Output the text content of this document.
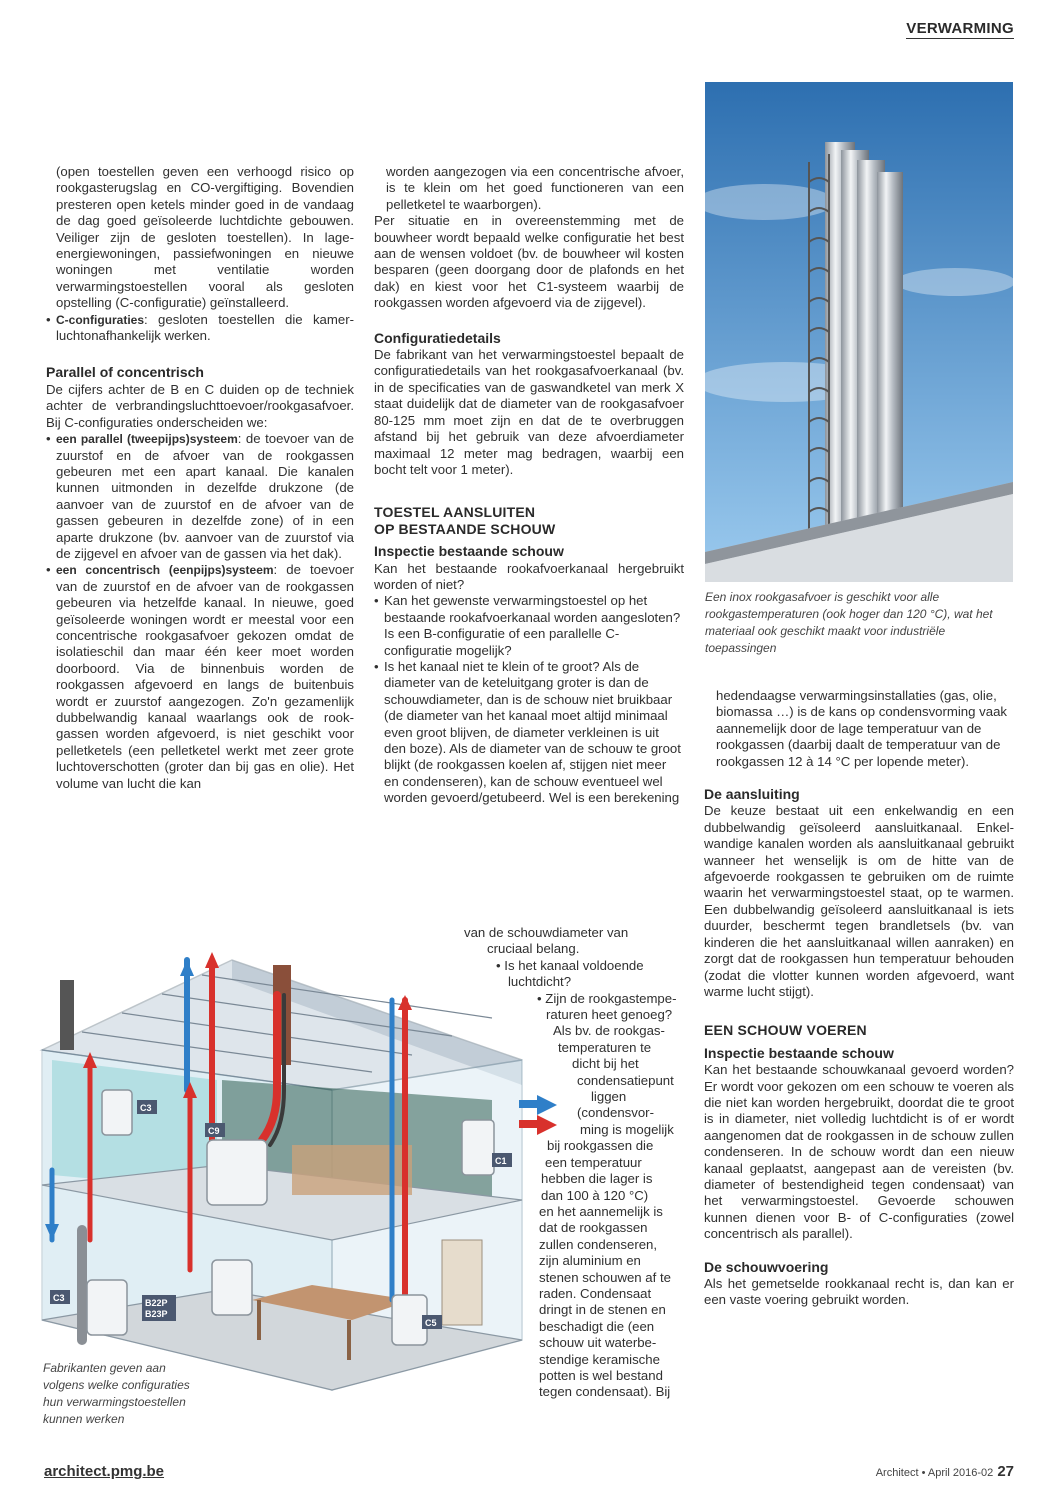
VERWARMING

(open toestellen geven een verhoogd risico op rookgasterugslag en CO-vergiftiging. Bovendien presteren open ketels minder goed in de vandaag de dag goed geïsoleerde luchtdichte gebouwen. Veiliger zijn de gesloten toestellen). In lage-energiewoningen, passiefwoningen en nieuwe woningen met ventilatie worden verwarmingstoestellen vooral als gesloten opstelling (C-configuratie) geïnstalleerd.

• C-configuraties: gesloten toestellen die kamerluchtonafhankelijk werken.

Parallel of concentrisch

De cijfers achter de B en C duiden op de techniek achter de verbrandingsluchttoevoer/rookgasafvoer. Bij C-configuraties onderscheiden we:

• een parallel (tweepijps)systeem: de toevoer van de zuurstof en de afvoer van de rookgassen gebeuren met een apart kanaal. Die kanalen kunnen uitmonden in dezelfde drukzone (de aanvoer van de zuurstof en de afvoer van de gassen gebeuren in dezelfde zone) of in een aparte drukzone (bv. aanvoer van de zuurstof via de zijgevel en afvoer van de gassen via het dak).

• een concentrisch (eenpijps)systeem: de toevoer van de zuurstof en de afvoer van de rookgassen gebeuren via hetzelfde kanaal. In nieuwe, goed geïsoleerde woningen wordt er meestal voor een concentrische rookgasafvoer gekozen omdat de isolatieschil dan maar één keer moet worden doorboord. Via de binnenbuis worden de rookgassen afgevoerd en langs de buitenbuis wordt er zuurstof aangezogen. Zo'n gezamenlijk dubbelwandig kanaal waarlangs ook de rookgassen worden afgevoerd, is niet geschikt voor pelletketels (een pelletketel werkt met zeer grote luchtoverschotten (groter dan bij gas en olie). Het volume van lucht die kan

worden aangezogen via een concentrische afvoer, is te klein om het goed functioneren van een pelletketel te waarborgen).

Per situatie en in overeenstemming met de bouwheer wordt bepaald welke configuratie het best aan de wensen voldoet (bv. de bouwheer wil kosten besparen (geen doorgang door de plafonds en het dak) en kiest voor het C1-systeem waarbij de rookgassen worden afgevoerd via de zijgevel).

Configuratiedetails

De fabrikant van het verwarmingstoestel bepaalt de configuratiedetails van het rookgasafvoerkanaal (bv. in de specificaties van de gaswandketel van merk X staat duidelijk dat de diameter van de rookgasafvoer 80-125 mm moet zijn en dat de te overbruggen afstand bij het gebruik van deze afvoerdiameter maximaal 12 meter mag bedragen, waarbij een bocht telt voor 1 meter).

TOESTEL AANSLUITEN
OP BESTAANDE SCHOUW
Inspectie bestaande schouw

Kan het bestaande rookafvoerkanaal hergebruikt worden of niet?

• Kan het gewenste verwarmingstoestel op het bestaande rookafvoerkanaal worden aangesloten? Is een B-configuratie of een parallelle C-configuratie mogelijk?

• Is het kanaal niet te klein of te groot? Als de diameter van de keteluitgang groter is dan de schouwdiameter, dan is de schouw niet bruikbaar (de diameter van het kanaal moet altijd minimaal even groot blijven, de diameter verkleinen is uit den boze). Als de diameter van de schouw te groot blijkt (de rookgassen koelen af, stijgen niet meer en condenseren), kan de schouw eventueel wel worden gevoerd/getubeerd. Wel is een berekening

van de schouwdiameter van

cruciaal belang.

• Is het kanaal voldoende

luchtdicht?

• Zijn de rookgastempe-

raturen heet genoeg?

Als bv. de rookgas-

temperaturen te

dicht bij het

condensatiepunt

liggen

(condensvor-

ming is mogelijk

bij rookgassen die

een temperatuur

hebben die lager is

dan 100 à 120 °C)

en het aannemelijk is

dat de rookgassen

zullen condenseren,

zijn aluminium en

stenen schouwen af te

raden. Condensaat

dringt in de stenen en

beschadigt die (een

schouw uit waterbe-

stendige keramische

potten is wel bestand

tegen condensaat). Bij

Een inox rookgasafvoer is geschikt voor alle rookgastemperaturen (ook hoger dan 120 °C), wat het materiaal ook geschikt maakt voor industriële toepassingen

hedendaagse verwarmingsinstallaties (gas, olie, biomassa …) is de kans op condensvorming vaak aannemelijk door de lage temperatuur van de rookgassen (daarbij daalt de temperatuur van de rookgassen 12 à 14 °C per lopende meter).

De aansluiting

De keuze bestaat uit een enkelwandig en een dubbelwandig geïsoleerd aansluitkanaal. Enkelwandige kanalen worden als aansluitkanaal gebruikt wanneer het wenselijk is om de hitte van de afgevoerde rookgassen te gebruiken om de ruimte waarin het verwarmingstoestel staat, op te warmen. Een dubbelwandig geïsoleerd aansluitkanaal is iets duurder, beschermt tegen brandletsels (bv. van kinderen die het aansluitkanaal willen aanraken) en zorgt dat de rookgassen hun temperatuur behouden (zodat die vlotter kunnen worden afgevoerd, want warme lucht stijgt).

EEN SCHOUW VOEREN
Inspectie bestaande schouw

Kan het bestaande schouwkanaal gevoerd worden? Er wordt voor gekozen om een schouw te voeren als die niet kan worden hergebruikt, doordat die te groot is in diameter, niet volledig luchtdicht is of er wordt aangenomen dat de rookgassen in de schouw zullen condenseren. In de schouw wordt dan een nieuw kanaal geplaatst, aangepast aan de vereisten (bv. diameter of bestendigheid tegen condensaat) van het verwarmingstoestel. Gevoerde schouwen kunnen dienen voor B- of C-configuraties (zowel concentrisch als parallel).

De schouwvoering

Als het gemetselde rookkanaal recht is, dan kan er een vaste voering gebruikt worden.

C3
C9
C1
C3	B22P
B23P
C5
Fabrikanten geven aan volgens welke configuraties hun verwarmingstoestellen kunnen werken
architect.pmg.be	Architect • April 2016-02 27
